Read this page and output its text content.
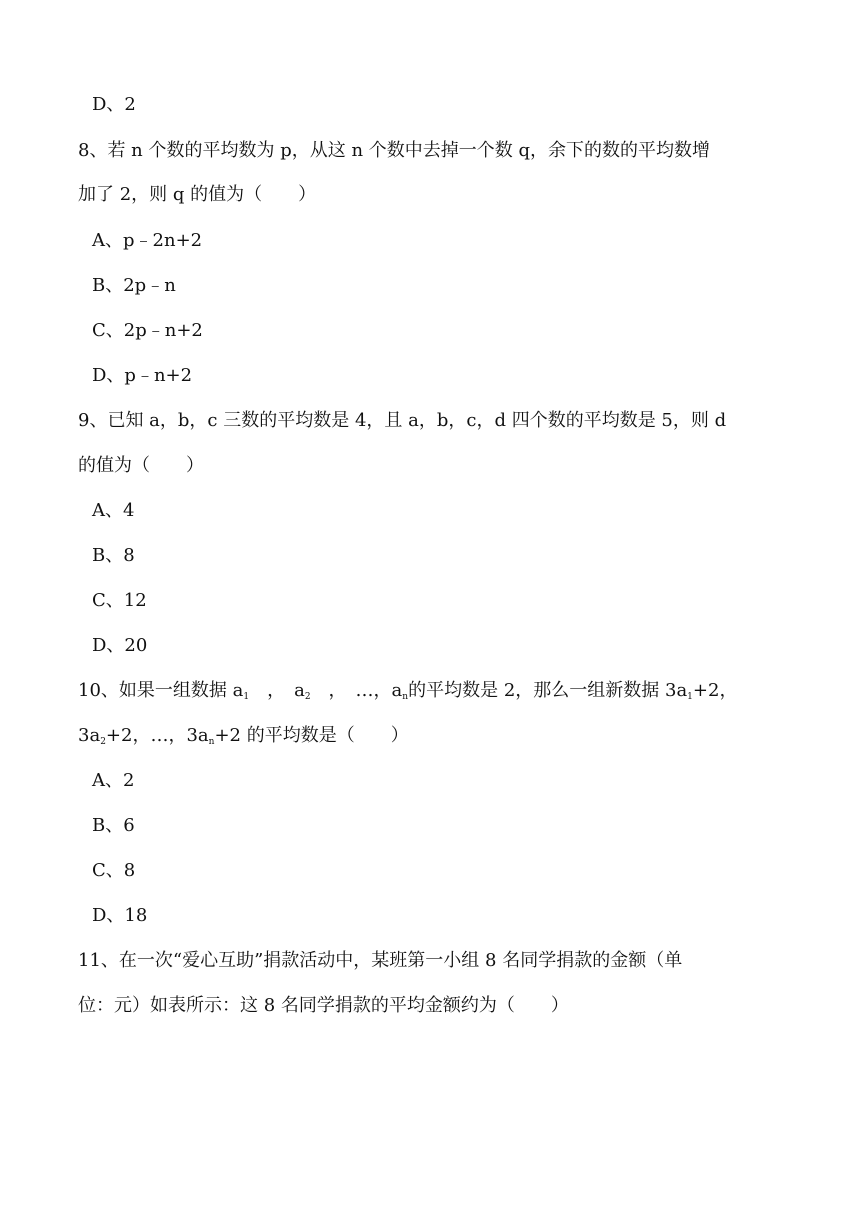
D、2
8、若 n 个数的平均数为 p，从这 n 个数中去掉一个数 q，余下的数的平均数增
加了 2，则 q 的值为（　　）
A、p﹣2n+2
B、2p﹣n
C、2p﹣n+2
D、p﹣n+2
9、已知 a，b，c 三数的平均数是 4，且 a，b，c，d 四个数的平均数是 5，则 d
的值为（　　）
A、4
B、8
C、12
D、20
10、如果一组数据 $a_1$　，　$a_2$　，　…，$a_n$的平均数是 2，那么一组新数据 $3a_1+2$，
$3a_2+2$，…，$3a_n+2$ 的平均数是（　　）
A、2
B、6
C、8
D、18
11、在一次“爱心互助”捐款活动中，某班第一小组 8 名同学捐款的金额（单
位：元）如表所示：这 8 名同学捐款的平均金额约为（　　）
